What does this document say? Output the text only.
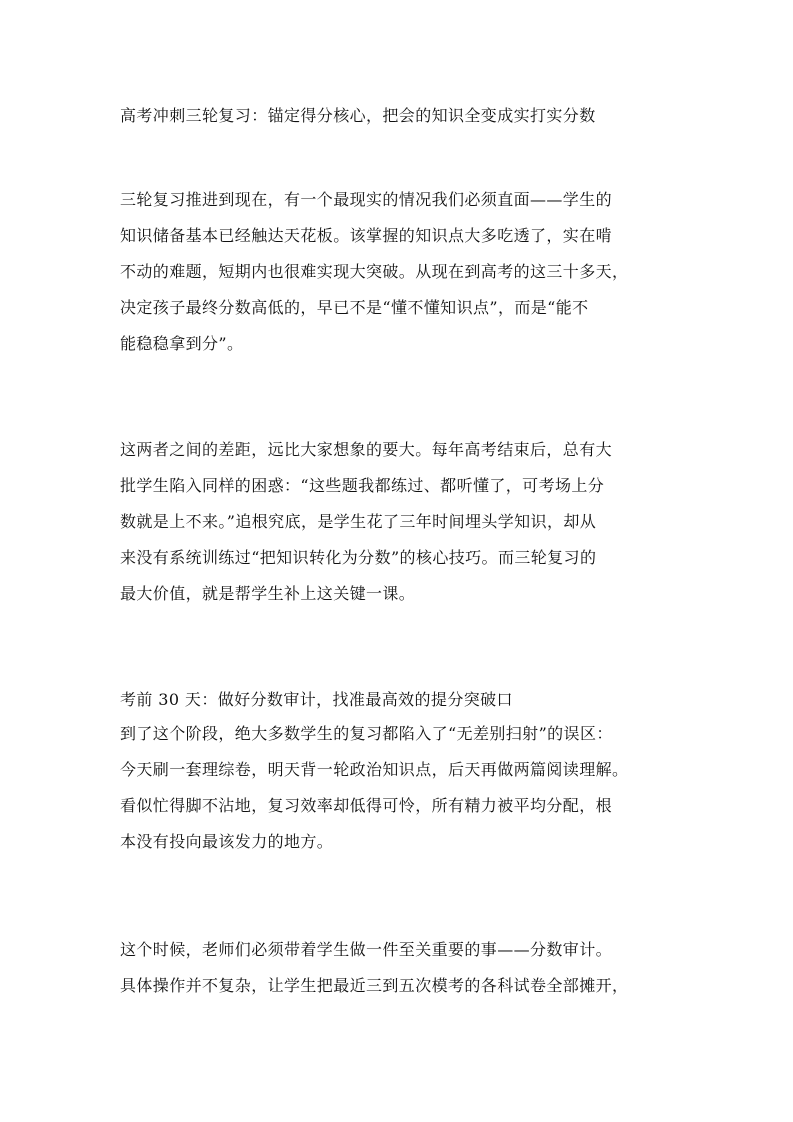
高考冲刺三轮复习：锚定得分核心，把会的知识全变成实打实分数

三轮复习推进到现在，有一个最现实的情况我们必须直面——学生的
知识储备基本已经触达天花板。该掌握的知识点大多吃透了，实在啃
不动的难题，短期内也很难实现大突破。从现在到高考的这三十多天，
决定孩子最终分数高低的，早已不是“懂不懂知识点”，而是“能不
能稳稳拿到分”。

这两者之间的差距，远比大家想象的要大。每年高考结束后，总有大
批学生陷入同样的困惑：“这些题我都练过、都听懂了，可考场上分
数就是上不来。”追根究底，是学生花了三年时间埋头学知识，却从
来没有系统训练过“把知识转化为分数”的核心技巧。而三轮复习的
最大价值，就是帮学生补上这关键一课。

考前 30 天：做好分数审计，找准最高效的提分突破口

到了这个阶段，绝大多数学生的复习都陷入了“无差别扫射”的误区：
今天刷一套理综卷，明天背一轮政治知识点，后天再做两篇阅读理解。
看似忙得脚不沾地，复习效率却低得可怜，所有精力被平均分配，根
本没有投向最该发力的地方。

这个时候，老师们必须带着学生做一件至关重要的事——分数审计。
具体操作并不复杂，让学生把最近三到五次模考的各科试卷全部摊开，
